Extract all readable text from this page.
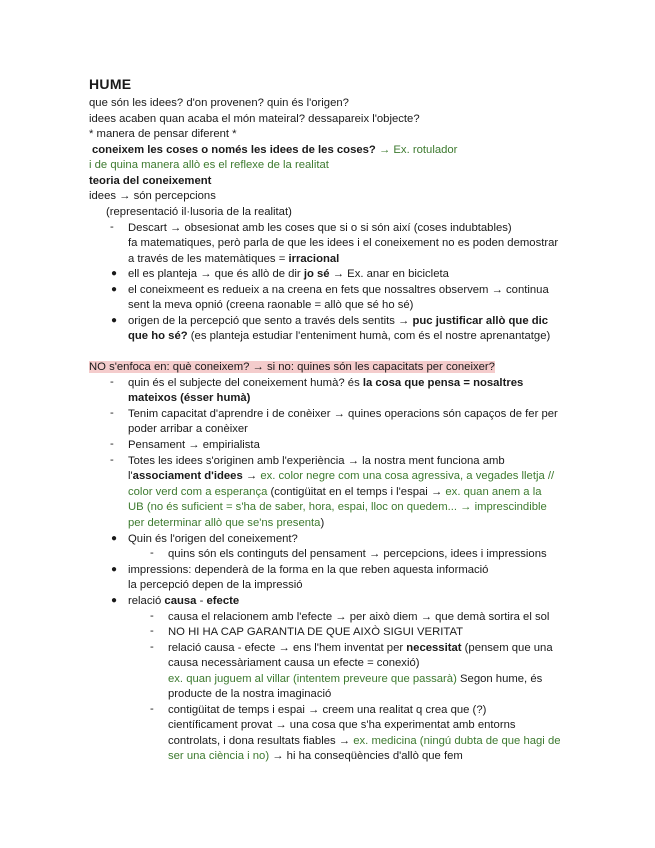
HUME
que són les idees? d'on provenen? quin és l'origen?
idees acaben quan acaba el món mateiral? dessapareix l'objecte?
* manera de pensar diferent *
coneixem les coses o només les idees de les coses? → Ex. rotulador
i de quina manera allò es el reflexe de la realitat
teoria del coneixement
idees → són percepcions
(representació il·lusoria de la realitat)
- Descart → obsesionat amb les coses que si o si són així (coses indubtables)
fa matematiques, però parla de que les idees i el coneixement no es poden demostrar
a través de les matemàtiques = irracional
● ell es planteja → que és allò de dir jo sé → Ex. anar en bicicleta
● el coneixmeent es redueix a na creena en fets que nossaltres observem → continua
sent la meva opnió (creena raonable = allò que sé ho sé)
● origen de la percepció que sento a través dels sentits → puc justificar allò que dic
que ho sé? (es planteja estudiar l'enteniment humà, com és el nostre aprenantatge)
NO s'enfoca en: què coneixem? → si no: quines són les capacitats per coneixer?
- quin és el subjecte del coneixement humà? és la cosa que pensa = nosaltres
mateixos (ésser humà)
- Tenim capacitat d'aprendre i de conèixer → quines operacions són capaços de fer per
poder arribar a conèixer
- Pensament → empirialista
- Totes les idees s'originen amb l'experiència → la nostra ment funciona amb
l'associament d'idees → ex. color negre com una cosa agressiva, a vegades lletja //
color verd com a esperança (contigüitat en el temps i l'espai → ex. quan anem a la
UB (no és suficient = s'ha de saber, hora, espai, lloc on quedem... → imprescindible
per determinar allò que se'ns presenta)
● Quin és l'origen del coneixement?
- quins són els continguts del pensament → percepcions, idees i impressions
● impressions: dependerà de la forma en la que reben aquesta informació
la percepció depen de la impressió
● relació causa - efecte
- causa el relacionem amb l'efecte → per això diem → que demà sortira el sol
- NO HI HA CAP GARANTIA DE QUE AIXÒ SIGUI VERITAT
- relació causa - efecte → ens l'hem inventat per necessitat (pensem que una
causa necessàriament causa un efecte = conexió)
ex. quan juguem al villar (intentem preveure que passarà) Segon hume, és
producte de la nostra imaginació
- contigüitat de temps i espai → creem una realitat q crea que (?)
científicament provat → una cosa que s'ha experimentat amb entorns
controlats, i dona resultats fiables → ex. medicina (ningú dubta de que hagi de
ser una ciència i no) → hi ha conseqüències d'allò que fem
